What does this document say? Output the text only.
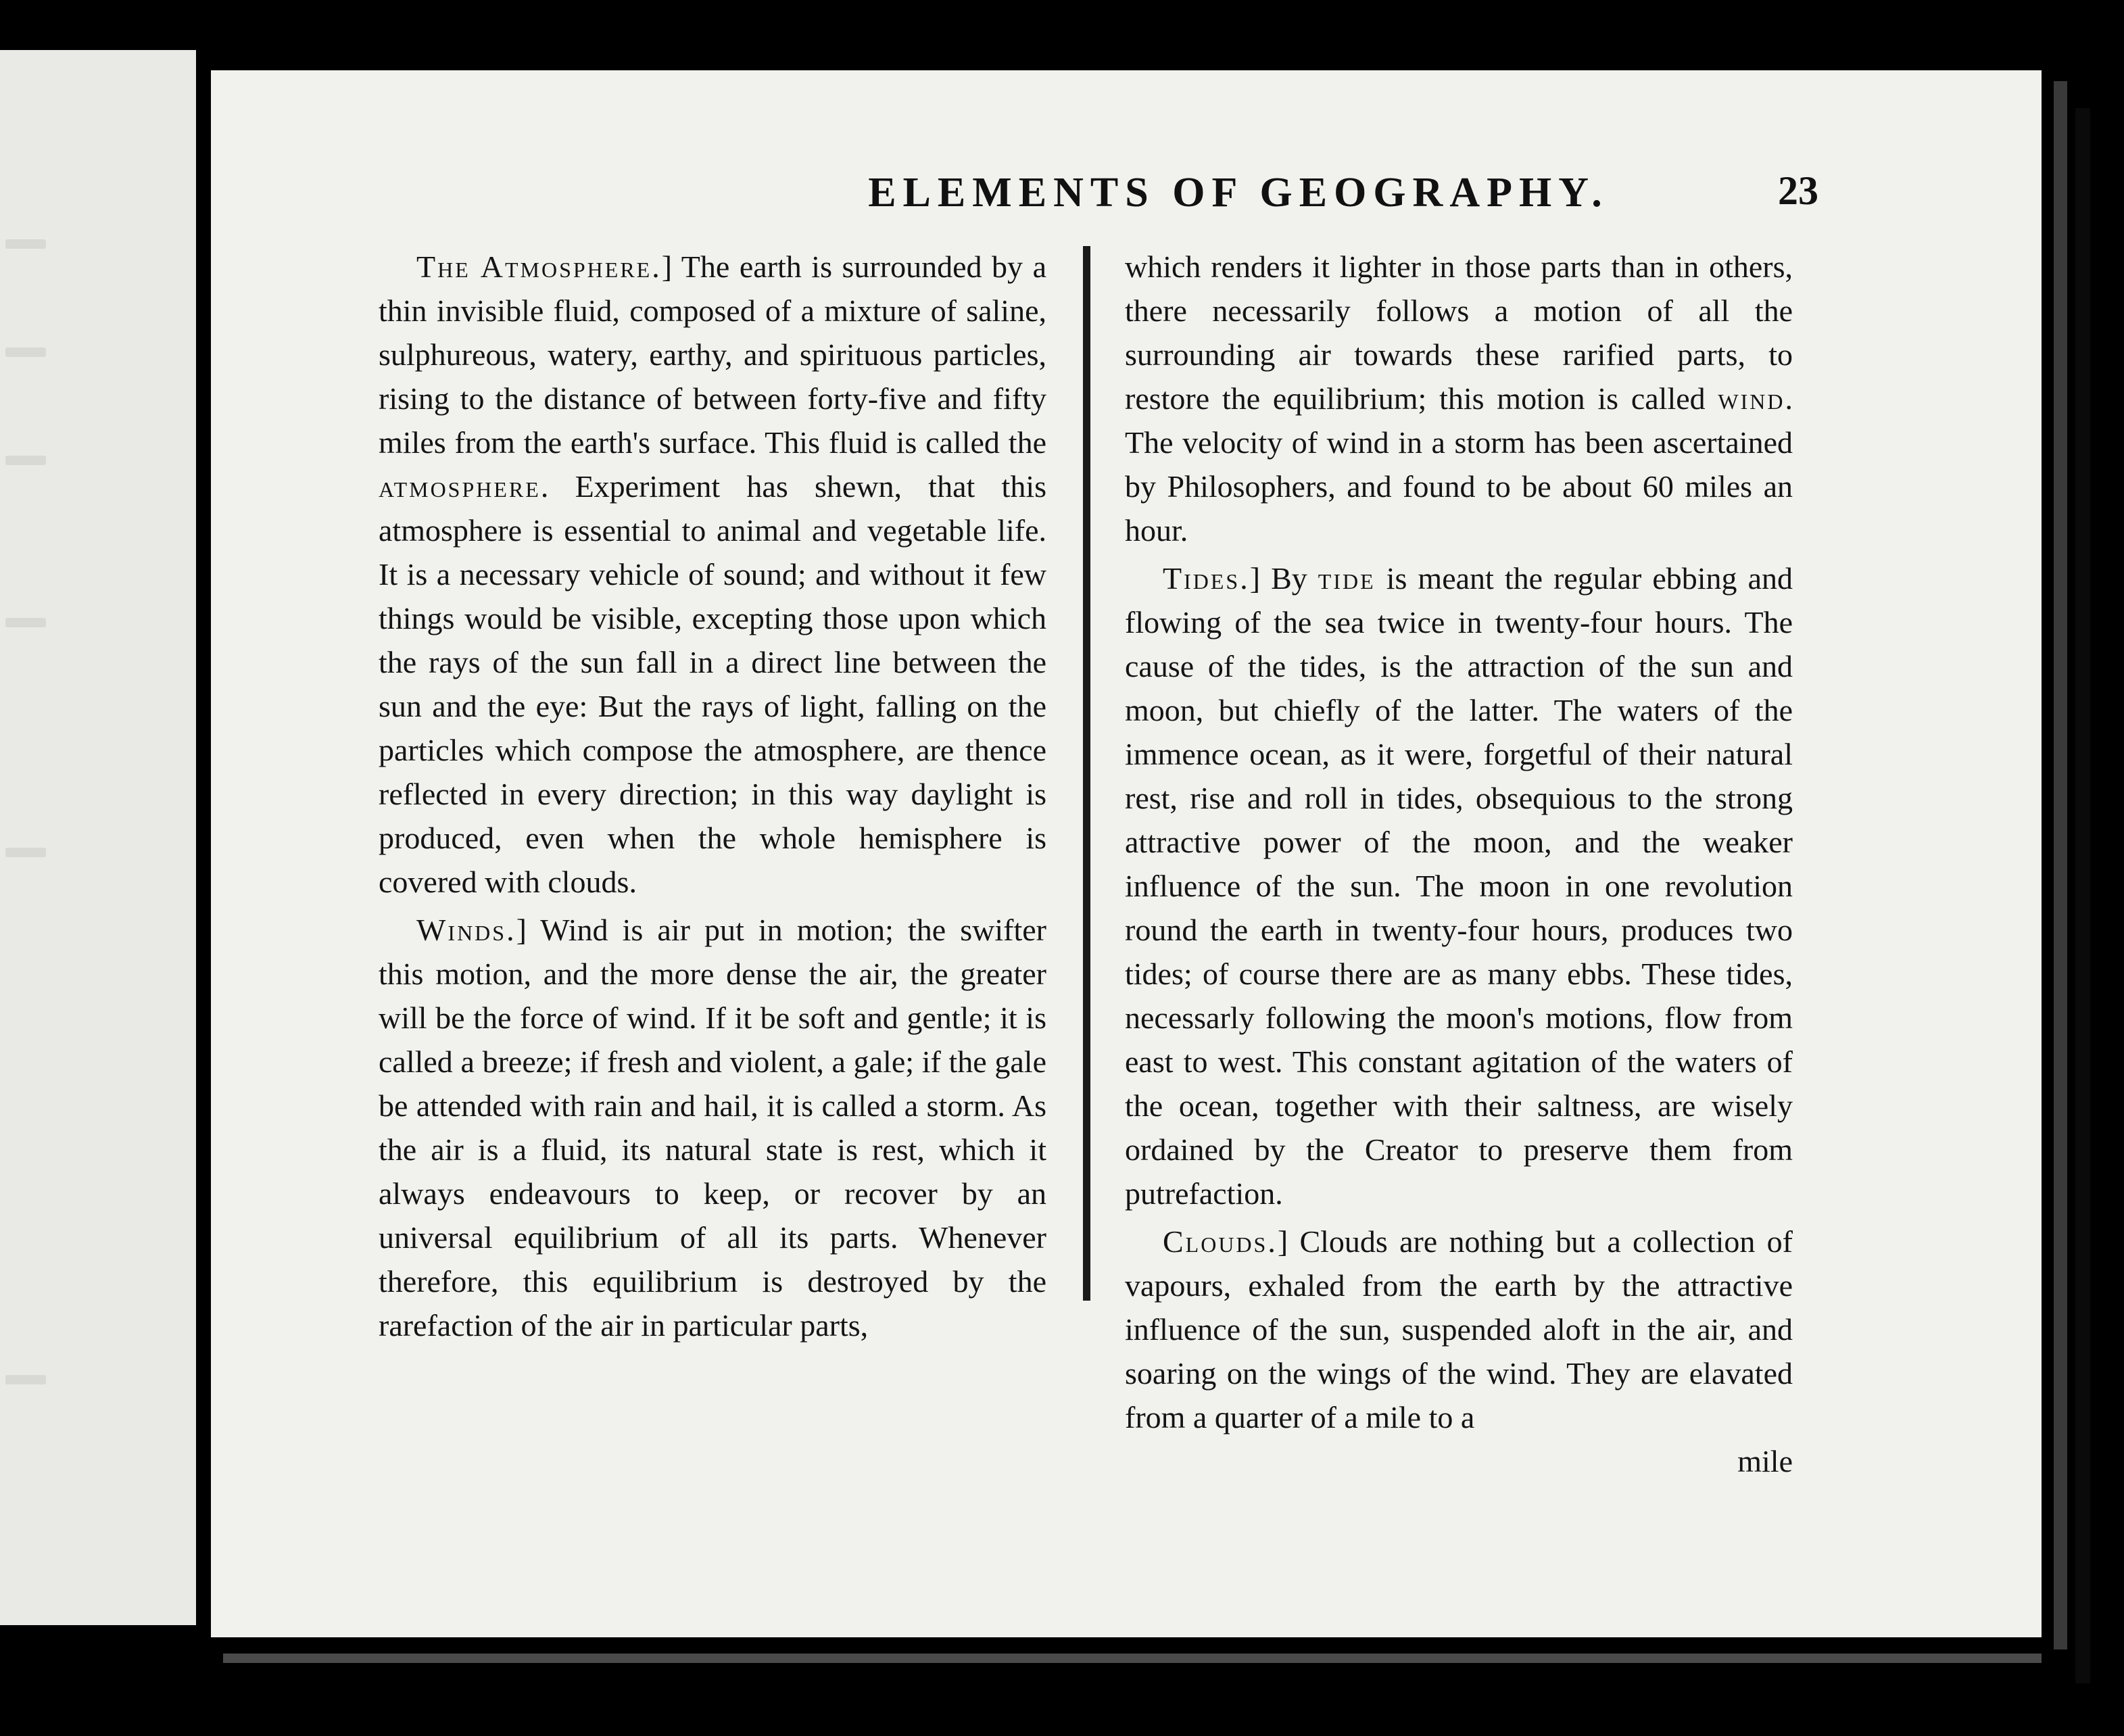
ELEMENTS OF GEOGRAPHY.	23

The Atmosphere.] The earth is surrounded by a thin invisible fluid, composed of a mixture of saline, sulphureous, watery, earthy, and spirituous particles, rising to the distance of between forty-five and fifty miles from the earth's surface. This fluid is called the atmosphere. Experiment has shewn, that this atmosphere is essential to animal and vegetable life. It is a necessary vehicle of sound; and without it few things would be visible, excepting those upon which the rays of the sun fall in a direct line between the sun and the eye: But the rays of light, falling on the particles which compose the atmosphere, are thence reflected in every direction; in this way daylight is produced, even when the whole hemisphere is covered with clouds.

Winds.] Wind is air put in motion; the swifter this motion, and the more dense the air, the greater will be the force of wind. If it be soft and gentle; it is called a breeze; if fresh and violent, a gale; if the gale be attended with rain and hail, it is called a storm. As the air is a fluid, its natural state is rest, which it always endeavours to keep, or recover by an universal equilibrium of all its parts. Whenever therefore, this equilibrium is destroyed by the rarefaction of the air in particular parts,

which renders it lighter in those parts than in others, there necessarily follows a motion of all the surrounding air towards these rarified parts, to restore the equilibrium; this motion is called wind. The velocity of wind in a storm has been ascertained by Philosophers, and found to be about 60 miles an hour.

Tides.] By tide is meant the regular ebbing and flowing of the sea twice in twenty-four hours. The cause of the tides, is the attraction of the sun and moon, but chiefly of the latter. The waters of the immence ocean, as it were, forgetful of their natural rest, rise and roll in tides, obsequious to the strong attractive power of the moon, and the weaker influence of the sun. The moon in one revolution round the earth in twenty-four hours, produces two tides; of course there are as many ebbs. These tides, necessarly following the moon's motions, flow from east to west. This constant agitation of the waters of the ocean, together with their saltness, are wisely ordained by the Creator to preserve them from putrefaction.

Clouds.] Clouds are nothing but a collection of vapours, exhaled from the earth by the attractive influence of the sun, suspended aloft in the air, and soaring on the wings of the wind. They are elavated from a quarter of a mile to a
mile
